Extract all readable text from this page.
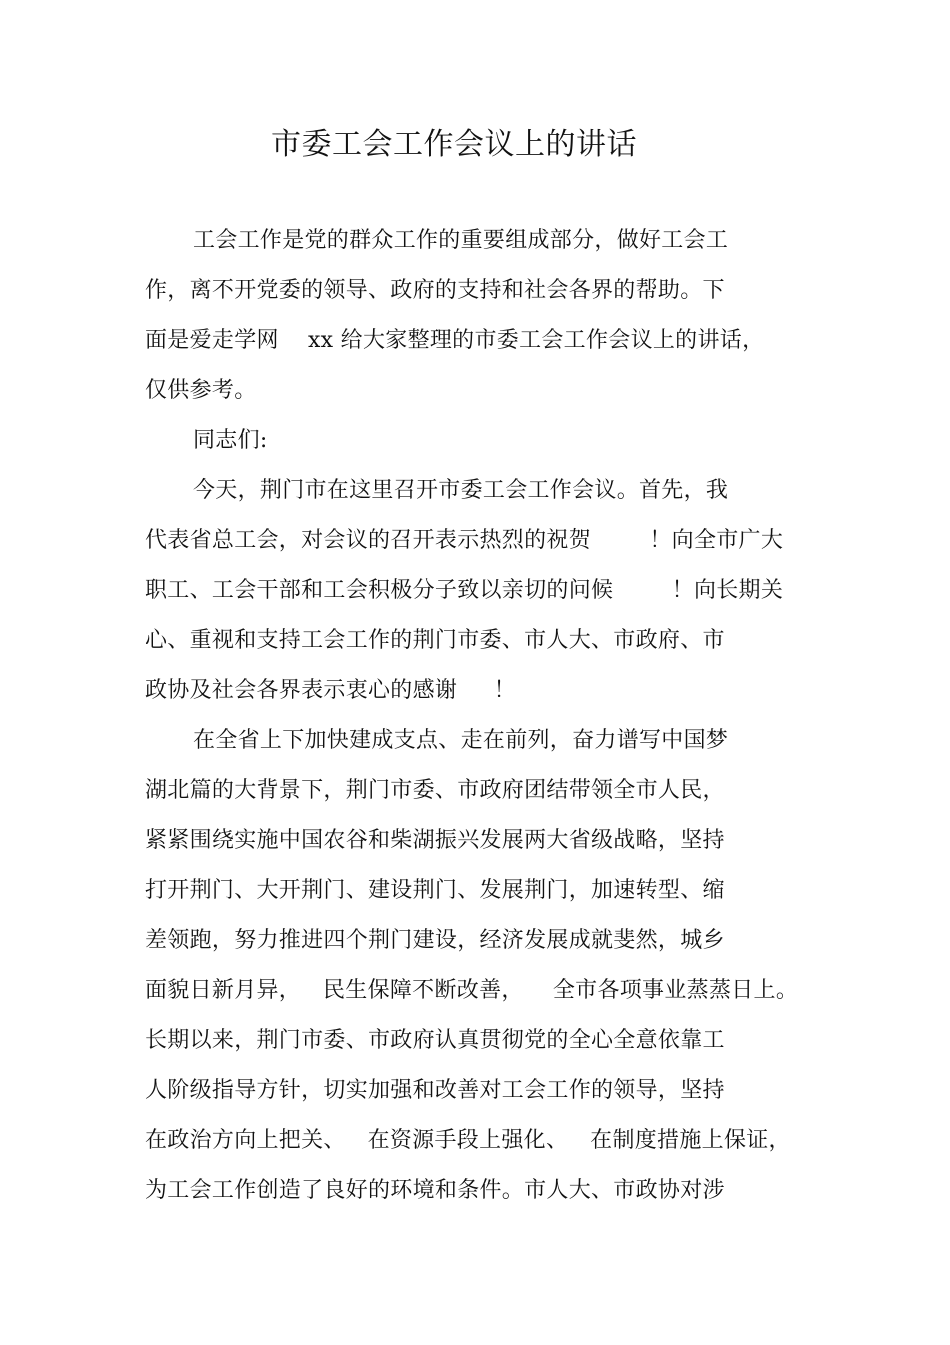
市委工会工作会议上的讲话
工会工作是党的群众工作的重要组成部分，做好工会工
作，离不开党委的领导、政府的支持和社会各界的帮助。下
面是爱走学网    xx 给大家整理的市委工会工作会议上的讲话，
仅供参考。
同志们:
今天，荆门市在这里召开市委工会工作会议。首先，我
代表省总工会，对会议的召开表示热烈的祝贺        ！向全市广大
职工、工会干部和工会积极分子致以亲切的问候        ！向长期关
心、重视和支持工会工作的荆门市委、市人大、市政府、市
政协及社会各界表示衷心的感谢     ！
在全省上下加快建成支点、走在前列，奋力谱写中国梦
湖北篇的大背景下，荆门市委、市政府团结带领全市人民，
紧紧围绕实施中国农谷和柴湖振兴发展两大省级战略，坚持
打开荆门、大开荆门、建设荆门、发展荆门，加速转型、缩
差领跑，努力推进四个荆门建设，经济发展成就斐然，城乡
面貌日新月异，   民生保障不断改善，    全市各项事业蒸蒸日上。
长期以来，荆门市委、市政府认真贯彻党的全心全意依靠工
人阶级指导方针，切实加强和改善对工会工作的领导，坚持
在政治方向上把关、   在资源手段上强化、   在制度措施上保证，
为工会工作创造了良好的环境和条件。市人大、市政协对涉
